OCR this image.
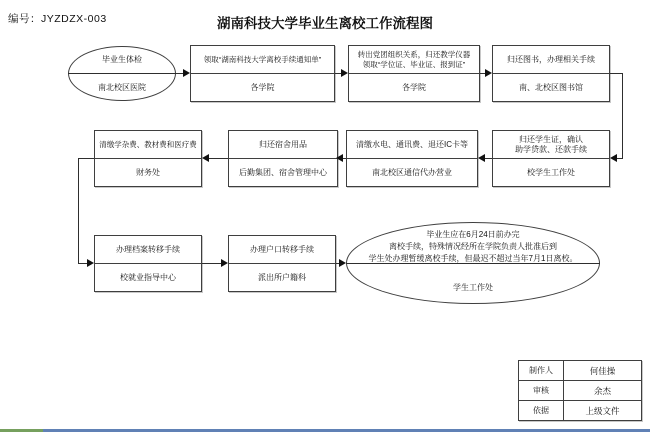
编号：JYZDZX-003	湖南科技大学毕业生离校工作流程图
毕业生体检
南北校区医院
领取“湖南科技大学离校手续通知单”
各学院
转出党团组织关系，归还教学仪器
领取“学位证、毕业证、报到证”
各学院
归还图书，办理相关手续
南、北校区图书馆
归还学生证，确认
助学贷款、还款手续
校学生工作处
清缴水电、通讯费、退还IC卡等
南北校区通信代办营业
归还宿舍用品
后勤集团、宿舍管理中心
清缴学杂费、教材费和医疗费
财务处
办理档案转移手续
校就业指导中心
办理户口转移手续
派出所户籍科
毕业生应在6月24日前办完
离校手续，特殊情况经所在学院负责人批准后到
学生处办理暂缓离校手续，但最迟不超过当年7月1日离校。
学生工作处
制作人	何佳操
审核	余杰
依据	上级文件
